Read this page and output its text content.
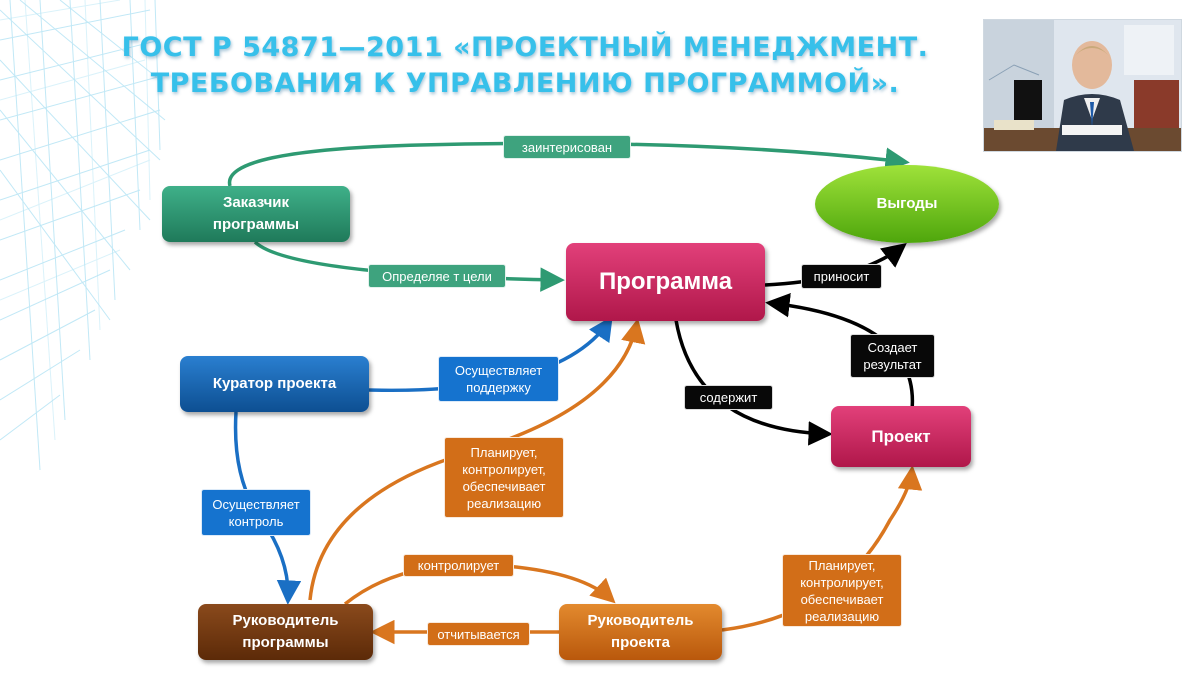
ГОСТ Р 54871—2011 «ПРОЕКТНЫЙ МЕНЕДЖМЕНТ.
ТРЕБОВАНИЯ К УПРАВЛЕНИЮ ПРОГРАММОЙ».
Заказчик
программы
Выгоды
Программа
Куратор проекта
Проект
Руководитель
программы
Руководитель
проекта
заинтерисован
Определяе т цели	приносит
Создает
результат
содержит
Осуществляет
поддержку
Осуществляет
контроль
Планирует,
контролирует,
обеспечивает
реализацию
Планирует,
контролирует,
обеспечивает
реализацию
контролирует
отчитывается
